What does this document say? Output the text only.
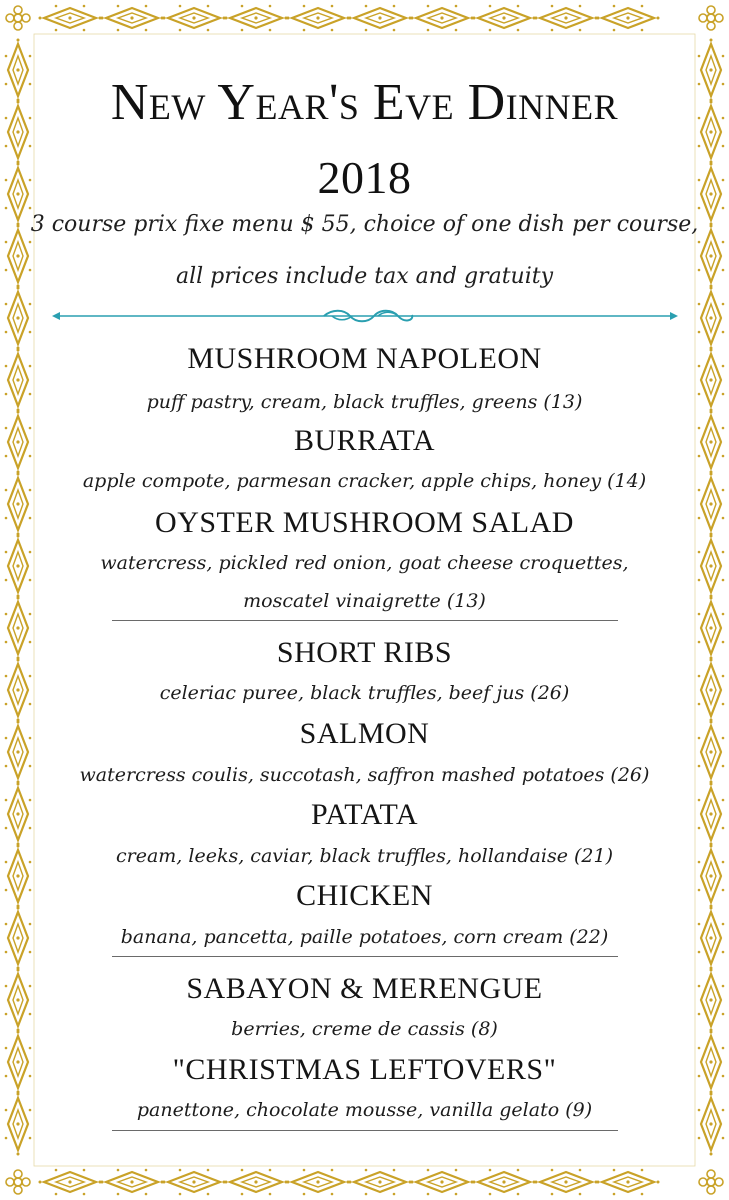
New Year's Eve Dinner
2018
3 course prix fixe menu $ 55, choice of one dish per course,
all prices include tax and gratuity
MUSHROOM NAPOLEON
puff pastry, cream, black truffles, greens (13)
BURRATA
apple compote, parmesan cracker, apple chips, honey (14)
OYSTER MUSHROOM SALAD
watercress, pickled red onion, goat cheese croquettes,
moscatel vinaigrette (13)
SHORT RIBS
celeriac puree, black truffles, beef jus (26)
SALMON
watercress coulis, succotash, saffron mashed potatoes (26)
PATATA
cream, leeks, caviar, black truffles, hollandaise (21)
CHICKEN
banana, pancetta, paille potatoes, corn cream (22)
SABAYON & MERENGUE
berries, creme de cassis (8)
"CHRISTMAS LEFTOVERS"
panettone, chocolate mousse, vanilla gelato (9)
